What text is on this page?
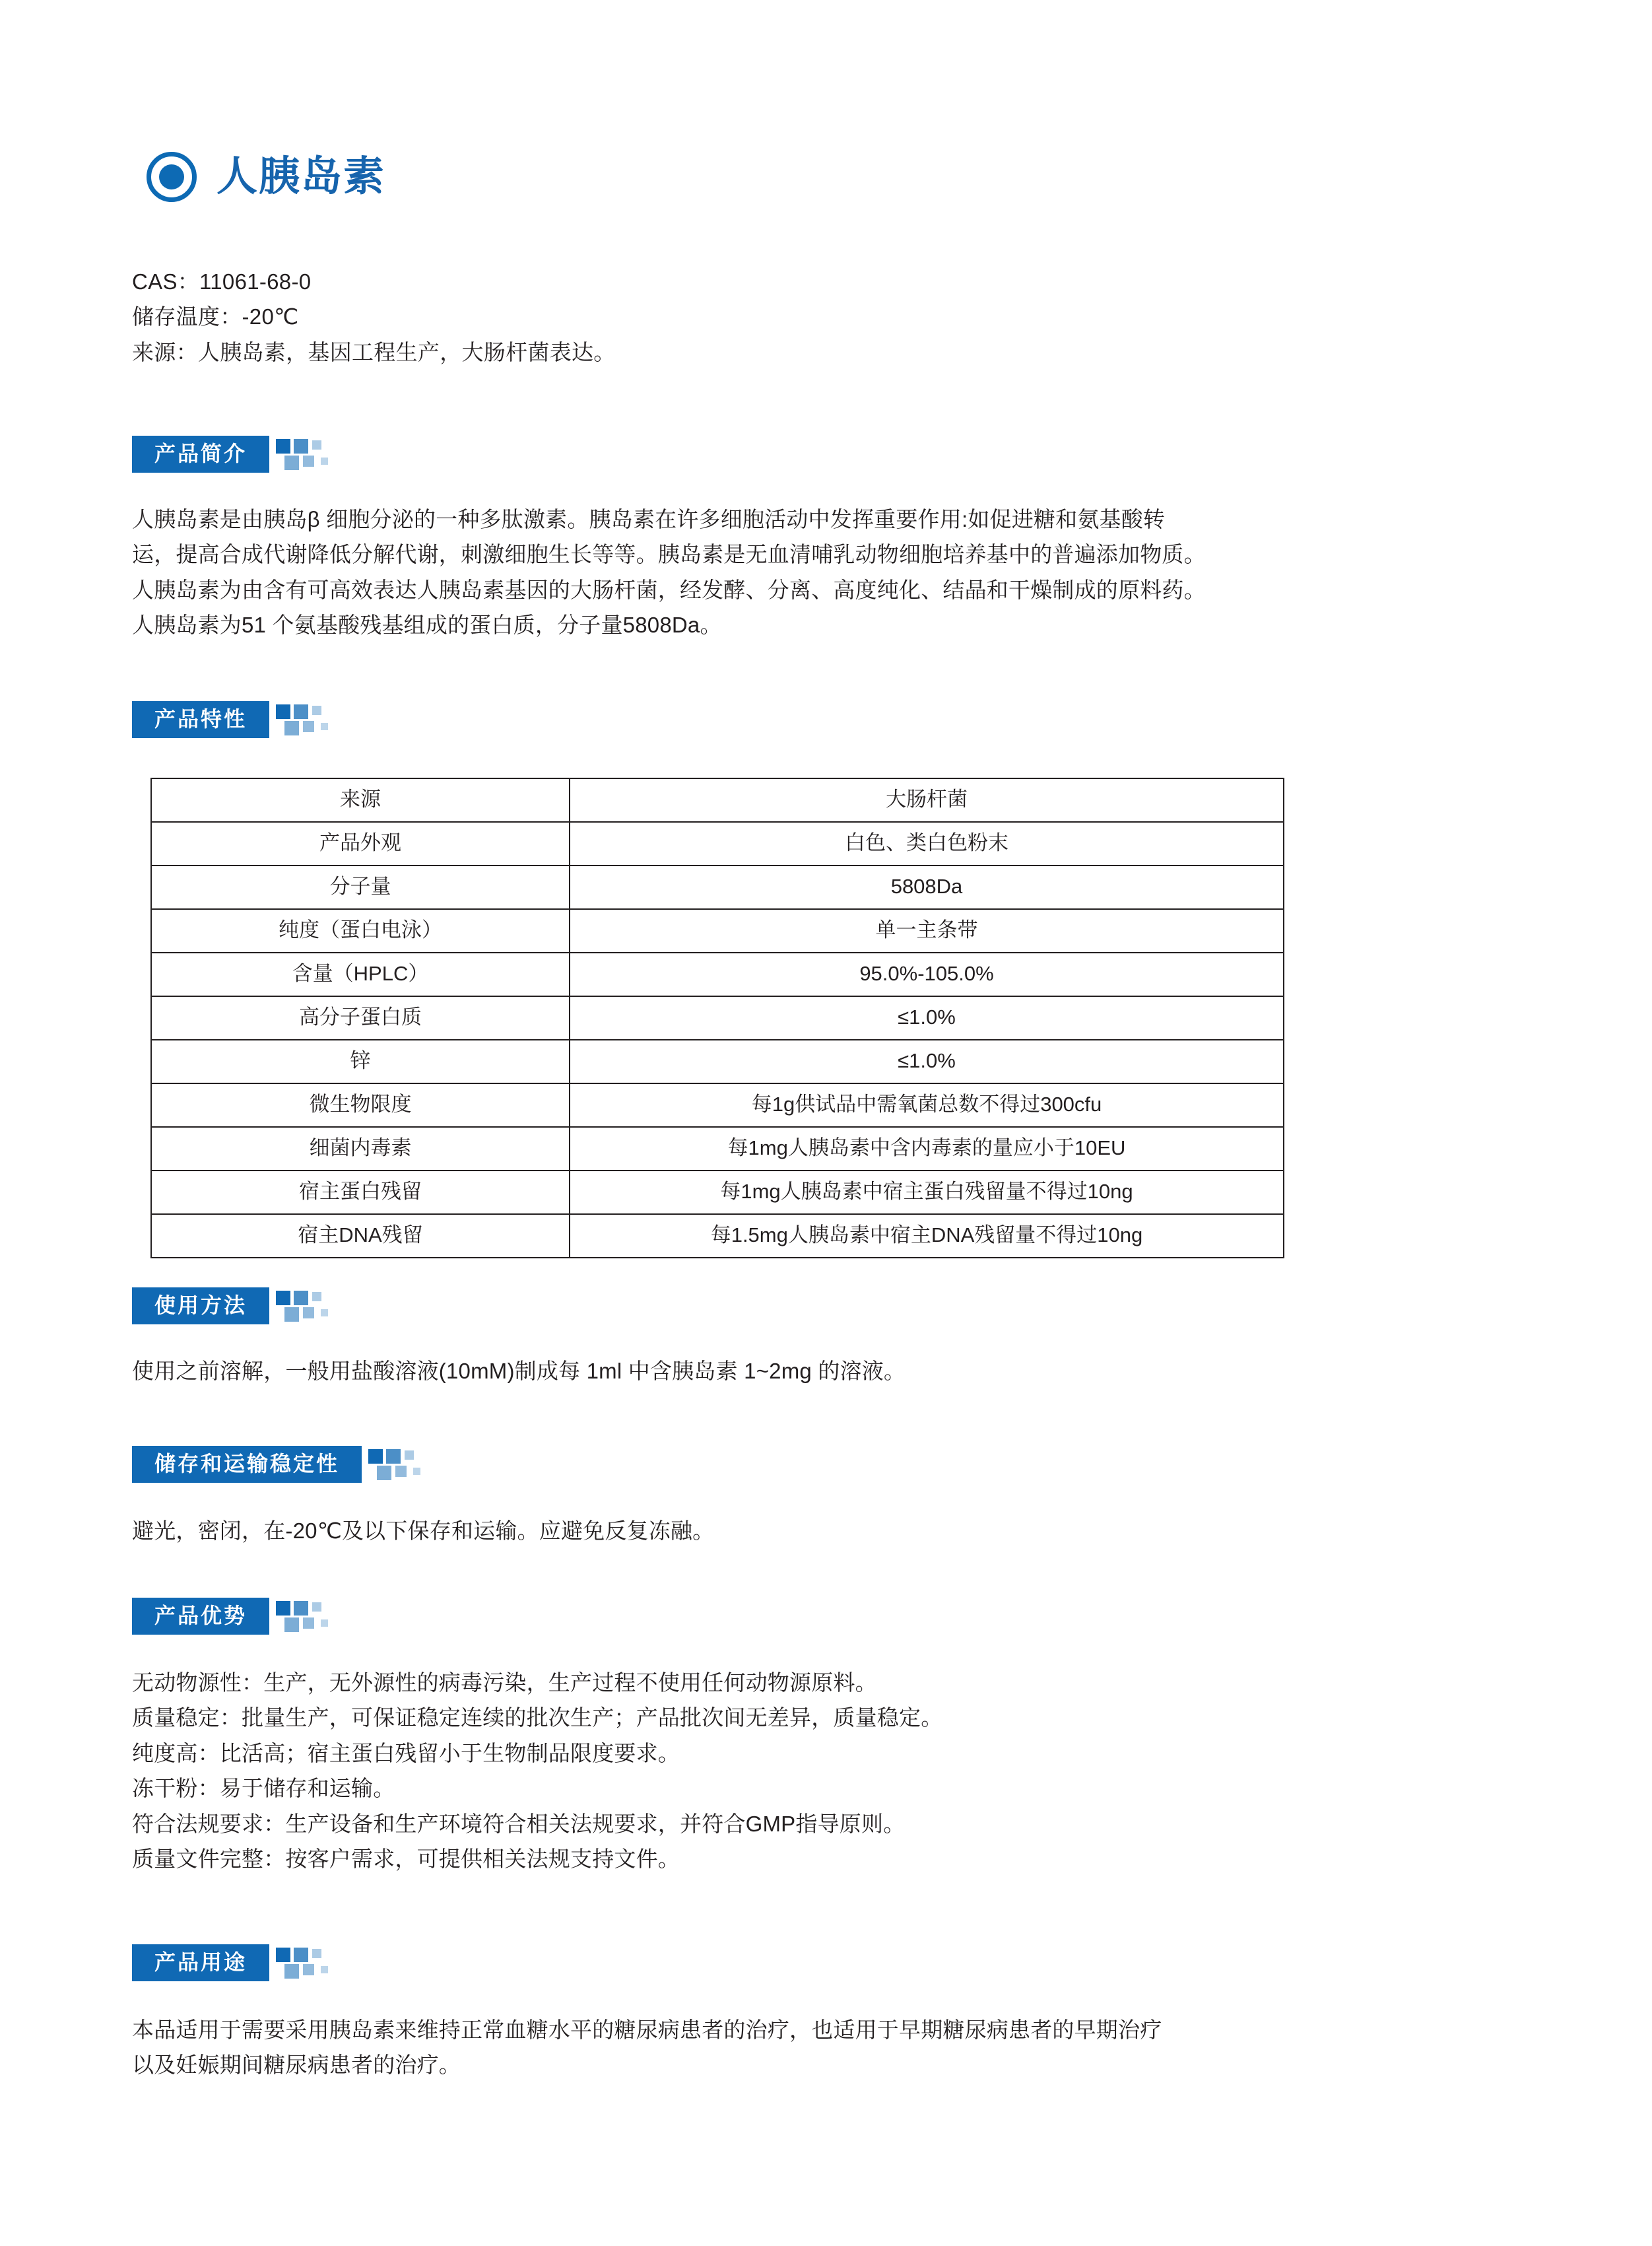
人胰岛素
CAS：11061-68-0
储存温度：-20℃
来源：人胰岛素，基因工程生产，大肠杆菌表达。
产品简介

人胰岛素是由胰岛β 细胞分泌的一种多肽激素。胰岛素在许多细胞活动中发挥重要作用:如促进糖和氨基酸转

运，提高合成代谢降低分解代谢，刺激细胞生长等等。胰岛素是无血清哺乳动物细胞培养基中的普遍添加物质。

人胰岛素为由含有可高效表达人胰岛素基因的大肠杆菌，经发酵、分离、高度纯化、结晶和干燥制成的原料药。

人胰岛素为51 个氨基酸残基组成的蛋白质，分子量5808Da。

产品特性
来源	大肠杆菌
产品外观	白色、类白色粉末
分子量	5808Da
纯度（蛋白电泳）	单一主条带
含量（HPLC）	95.0%-105.0%
高分子蛋白质	≤1.0%
锌	≤1.0%
微生物限度	每1g供试品中需氧菌总数不得过300cfu
细菌内毒素	每1mg人胰岛素中含内毒素的量应小于10EU
宿主蛋白残留	每1mg人胰岛素中宿主蛋白残留量不得过10ng
宿主DNA残留	每1.5mg人胰岛素中宿主DNA残留量不得过10ng
使用方法

使用之前溶解，一般用盐酸溶液(10mM)制成每 1ml 中含胰岛素 1~2mg 的溶液。

储存和运输稳定性

避光，密闭，在-20℃及以下保存和运输。应避免反复冻融。

产品优势

无动物源性：生产，无外源性的病毒污染，生产过程不使用任何动物源原料。

质量稳定：批量生产，可保证稳定连续的批次生产；产品批次间无差异，质量稳定。

纯度高：比活高；宿主蛋白残留小于生物制品限度要求。

冻干粉：易于储存和运输。

符合法规要求：生产设备和生产环境符合相关法规要求，并符合GMP指导原则。

质量文件完整：按客户需求，可提供相关法规支持文件。

产品用途

本品适用于需要采用胰岛素来维持正常血糖水平的糖尿病患者的治疗，也适用于早期糖尿病患者的早期治疗

以及妊娠期间糖尿病患者的治疗。
